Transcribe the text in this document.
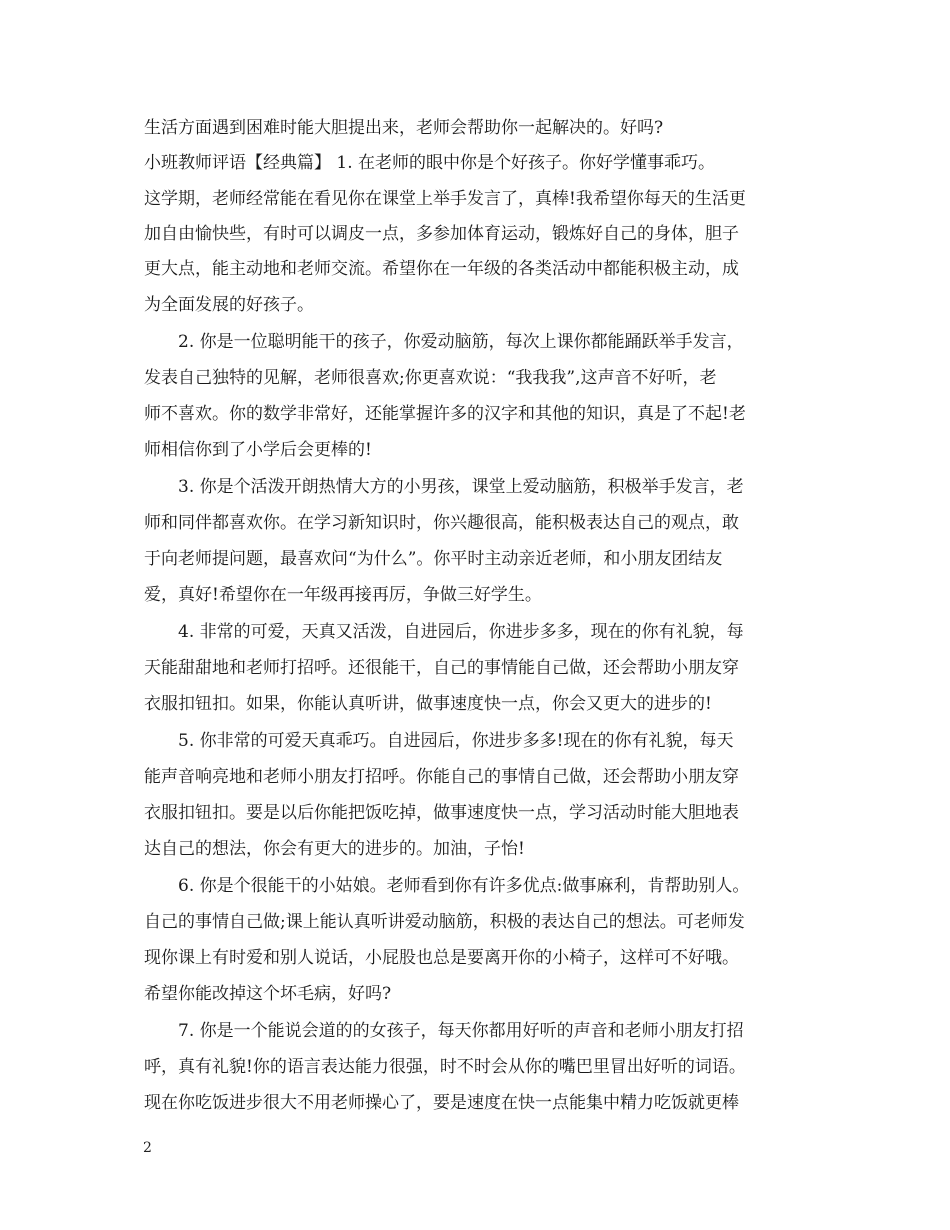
生活方面遇到困难时能大胆提出来，老师会帮助你一起解决的。好吗?
小班教师评语【经典篇】 1. 在老师的眼中你是个好孩子。你好学懂事乖巧。
这学期，老师经常能在看见你在课堂上举手发言了，真棒!我希望你每天的生活更
加自由愉快些，有时可以调皮一点，多参加体育运动，锻炼好自己的身体，胆子
更大点，能主动地和老师交流。希望你在一年级的各类活动中都能积极主动，成
为全面发展的好孩子。
2. 你是一位聪明能干的孩子，你爱动脑筋，每次上课你都能踊跃举手发言，
发表自己独特的见解，老师很喜欢;你更喜欢说：“我我我”,这声音不好听，老
师不喜欢。你的数学非常好，还能掌握许多的汉字和其他的知识，真是了不起!老
师相信你到了小学后会更棒的!
3. 你是个活泼开朗热情大方的小男孩，课堂上爱动脑筋，积极举手发言，老
师和同伴都喜欢你。在学习新知识时，你兴趣很高，能积极表达自己的观点，敢
于向老师提问题，最喜欢问“为什么”。你平时主动亲近老师，和小朋友团结友
爱，真好!希望你在一年级再接再厉，争做三好学生。
4. 非常的可爱，天真又活泼，自进园后，你进步多多，现在的你有礼貌，每
天能甜甜地和老师打招呼。还很能干，自己的事情能自己做，还会帮助小朋友穿
衣服扣钮扣。如果，你能认真听讲，做事速度快一点，你会又更大的进步的!
5. 你非常的可爱天真乖巧。自进园后，你进步多多!现在的你有礼貌，每天
能声音响亮地和老师小朋友打招呼。你能自己的事情自己做，还会帮助小朋友穿
衣服扣钮扣。要是以后你能把饭吃掉，做事速度快一点，学习活动时能大胆地表
达自己的想法，你会有更大的进步的。加油，子怡!
6. 你是个很能干的小姑娘。老师看到你有许多优点:做事麻利，肯帮助别人。
自己的事情自己做;课上能认真听讲爱动脑筋，积极的表达自己的想法。可老师发
现你课上有时爱和别人说话，小屁股也总是要离开你的小椅子，这样可不好哦。
希望你能改掉这个坏毛病，好吗?
7. 你是一个能说会道的的女孩子，每天你都用好听的声音和老师小朋友打招
呼，真有礼貌!你的语言表达能力很强，时不时会从你的嘴巴里冒出好听的词语。
现在你吃饭进步很大不用老师操心了，要是速度在快一点能集中精力吃饭就更棒
2
